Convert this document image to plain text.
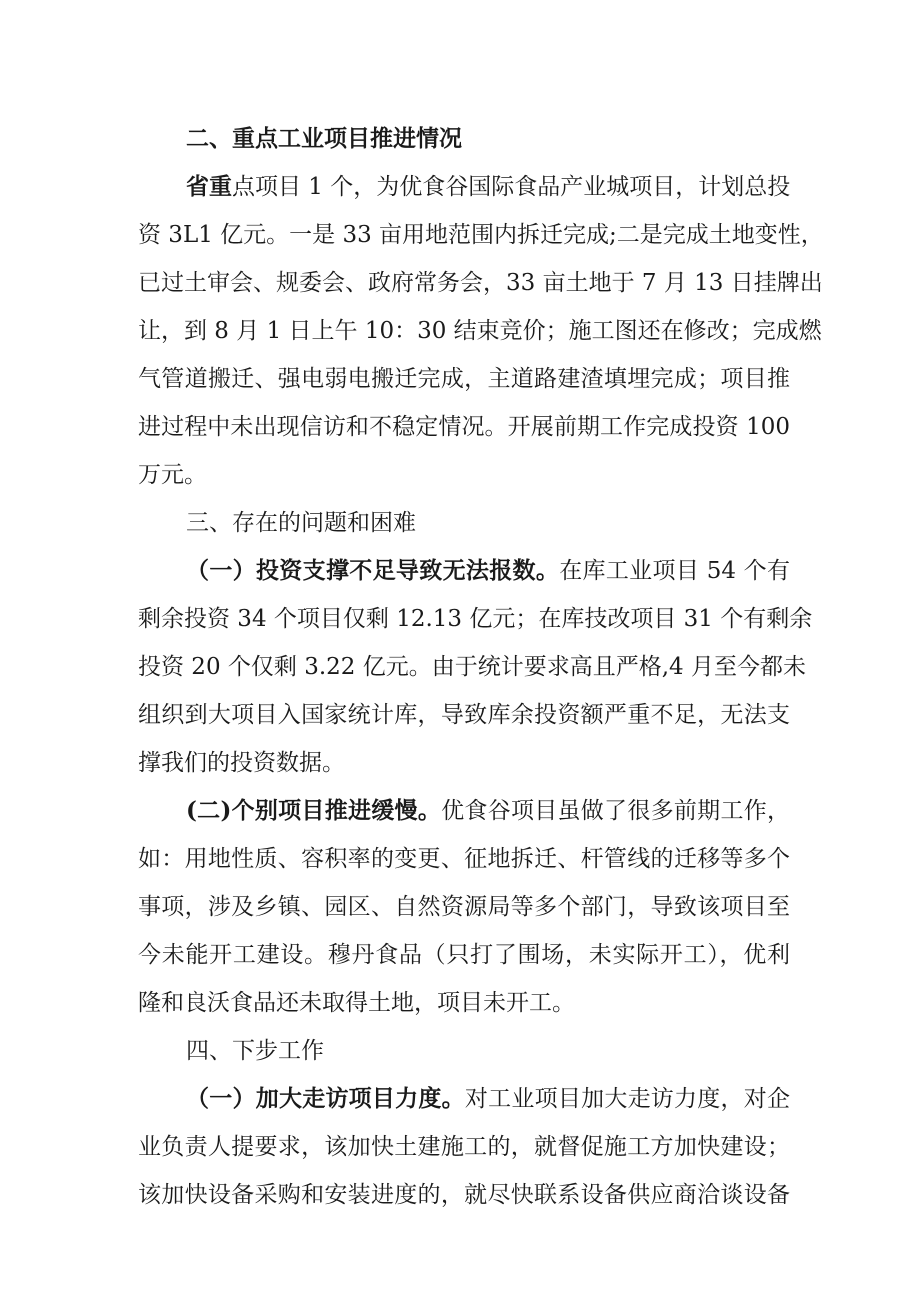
二、重点工业项目推进情况
省重点项目 1 个，为优食谷国际食品产业城项目，计划总投
资 3L1 亿元。一是 33 亩用地范围内拆迁完成;二是完成土地变性，
已过土审会、规委会、政府常务会，33 亩土地于 7 月 13 日挂牌出
让，到 8 月 1 日上午 10：30 结束竞价；施工图还在修改；完成燃
气管道搬迁、强电弱电搬迁完成，主道路建渣填埋完成；项目推
进过程中未出现信访和不稳定情况。开展前期工作完成投资 100
万元。
三、存在的问题和困难
（一）投资支撑不足导致无法报数。在库工业项目 54 个有
剩余投资 34 个项目仅剩 12.13 亿元；在库技改项目 31 个有剩余
投资 20 个仅剩 3.22 亿元。由于统计要求高且严格,4 月至今都未
组织到大项目入国家统计库，导致库余投资额严重不足，无法支
撑我们的投资数据。
(二)个别项目推进缓慢。优食谷项目虽做了很多前期工作，
如：用地性质、容积率的变更、征地拆迁、杆管线的迁移等多个
事项，涉及乡镇、园区、自然资源局等多个部门，导致该项目至
今未能开工建设。穆丹食品（只打了围场，未实际开工），优利
隆和良沃食品还未取得土地，项目未开工。
四、下步工作
（一）加大走访项目力度。对工业项目加大走访力度，对企
业负责人提要求，该加快土建施工的，就督促施工方加快建设；
该加快设备采购和安装进度的，就尽快联系设备供应商洽谈设备
